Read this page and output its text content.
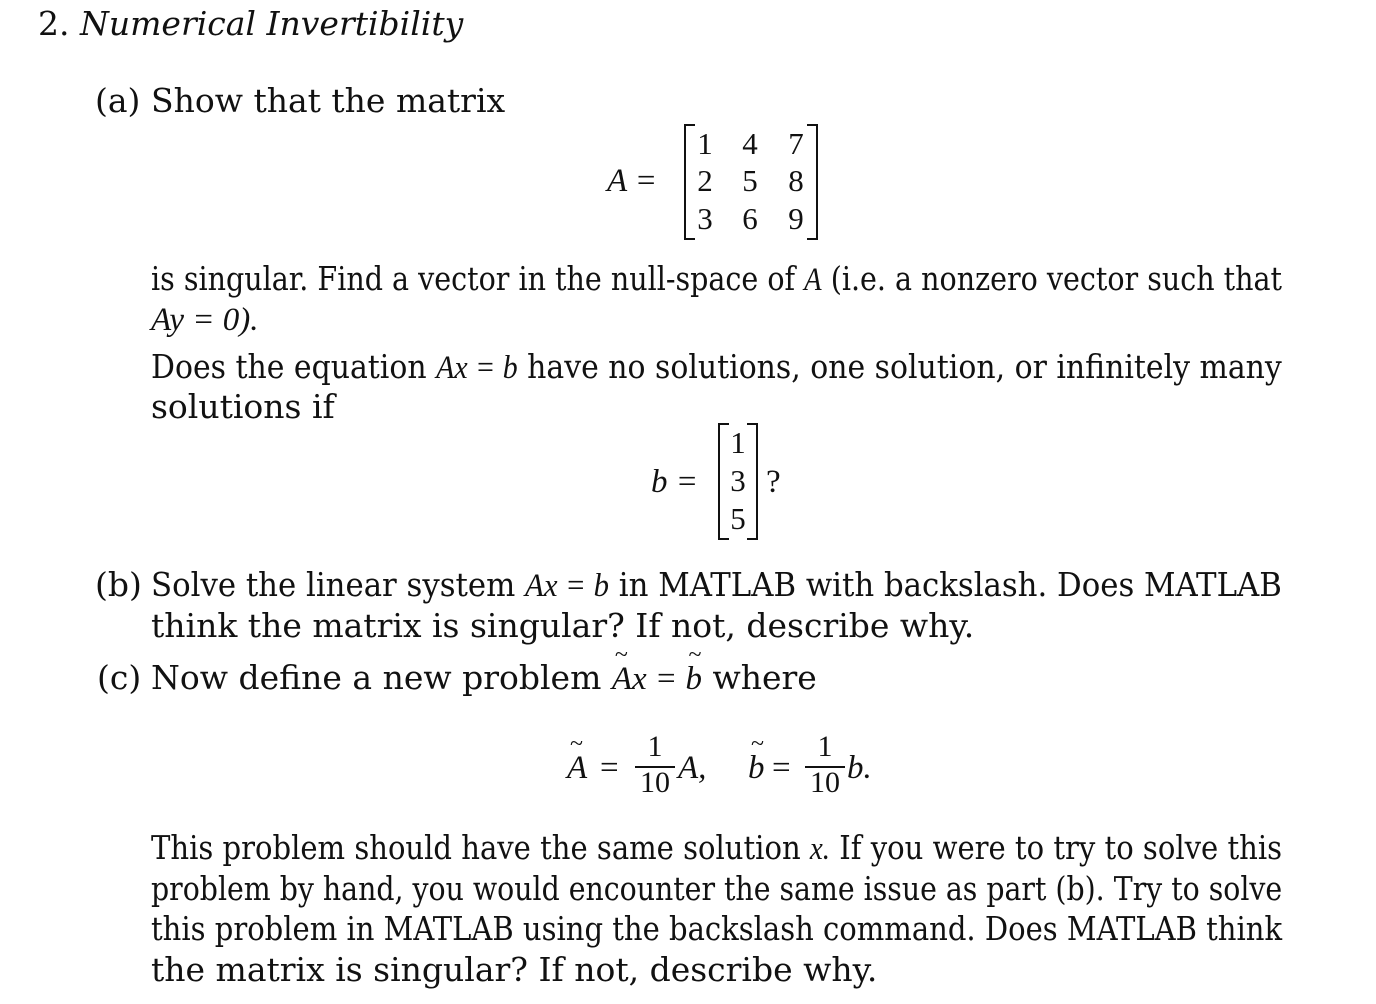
2. Numerical Invertibility
(a) Show that the matrix
A =
1 4 7
2 5 8
3 6 9
is singular. Find a vector in the null-space of A (i.e. a nonzero vector such that
Ay = 0).
Does the equation Ax = b have no solutions, one solution, or infinitely many
solutions if
b =
1
3
5
?
(b) Solve the linear system Ax = b in MATLAB with backslash. Does MATLAB
think the matrix is singular? If not, describe why.
(c) Now define a new problem
~
Ax =
~
b where
~
A =
1
10 A,
~
b =
1
10 b.
This problem should have the same solution x. If you were to try to solve this
problem by hand, you would encounter the same issue as part (b). Try to solve
this problem in MATLAB using the backslash command. Does MATLAB think
the matrix is singular? If not, describe why.
